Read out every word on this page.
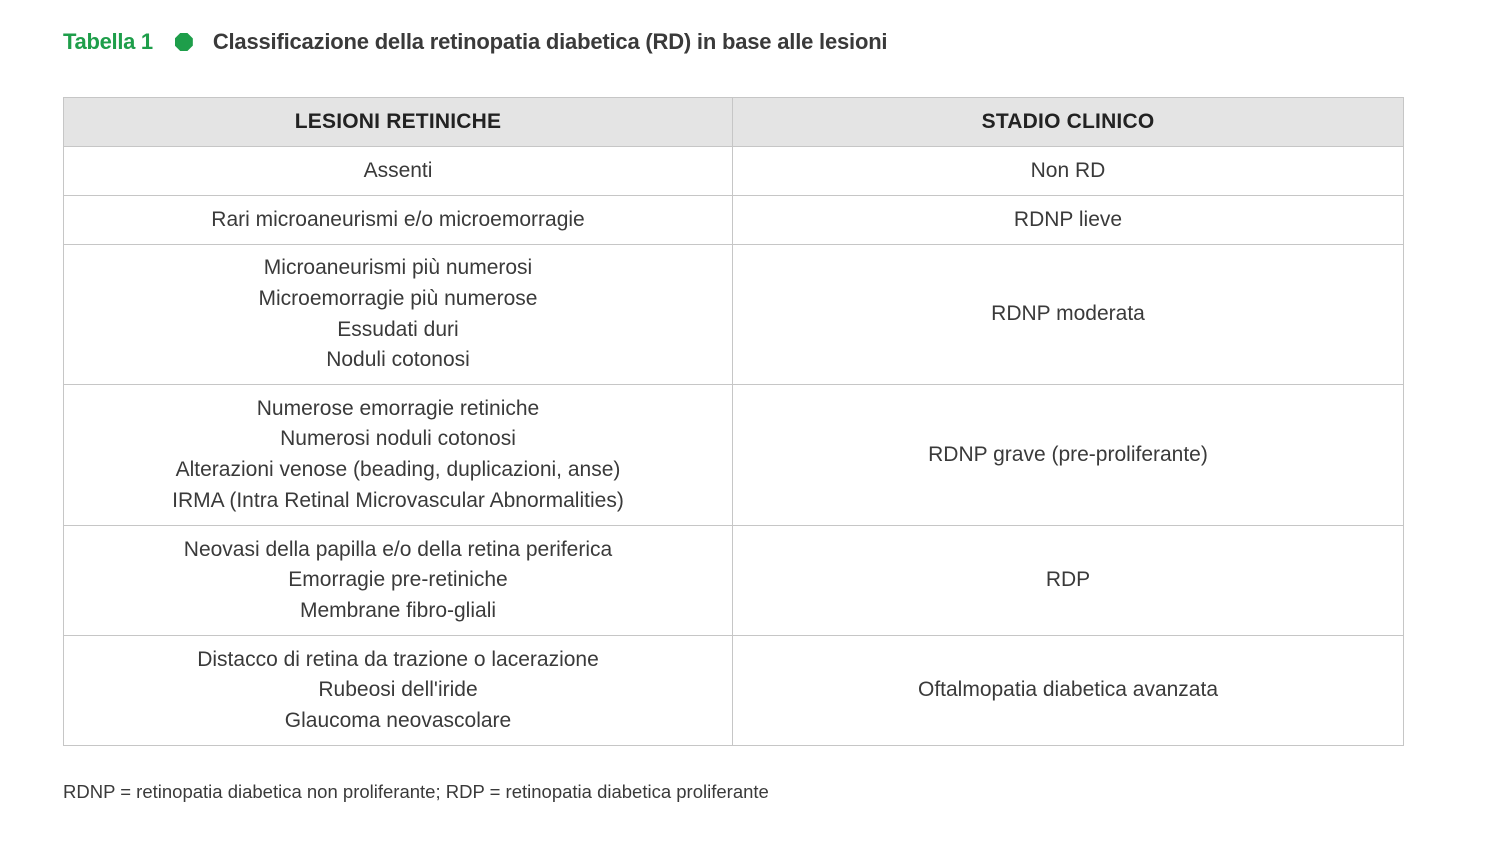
Tabella 1	Classificazione della retinopatia diabetica (RD) in base alle lesioni
LESIONI RETINICHE	STADIO CLINICO

Assenti	Non RD

Rari microaneurismi e/o microemorragie	RDNP lieve

Microaneurismi più numerosi
Microemorragie più numerose
Essudati duri
Noduli cotonosi	RDNP moderata

Numerose emorragie retiniche
Numerosi noduli cotonosi
Alterazioni venose (beading, duplicazioni, anse)
IRMA (Intra Retinal Microvascular Abnormalities)	RDNP grave (pre-proliferante)

Neovasi della papilla e/o della retina periferica
Emorragie pre-retiniche
Membrane fibro-gliali	RDP

Distacco di retina da trazione o lacerazione
Rubeosi dell'iride
Glaucoma neovascolare	Oftalmopatia diabetica avanzata
RDNP = retinopatia diabetica non proliferante; RDP = retinopatia diabetica proliferante
